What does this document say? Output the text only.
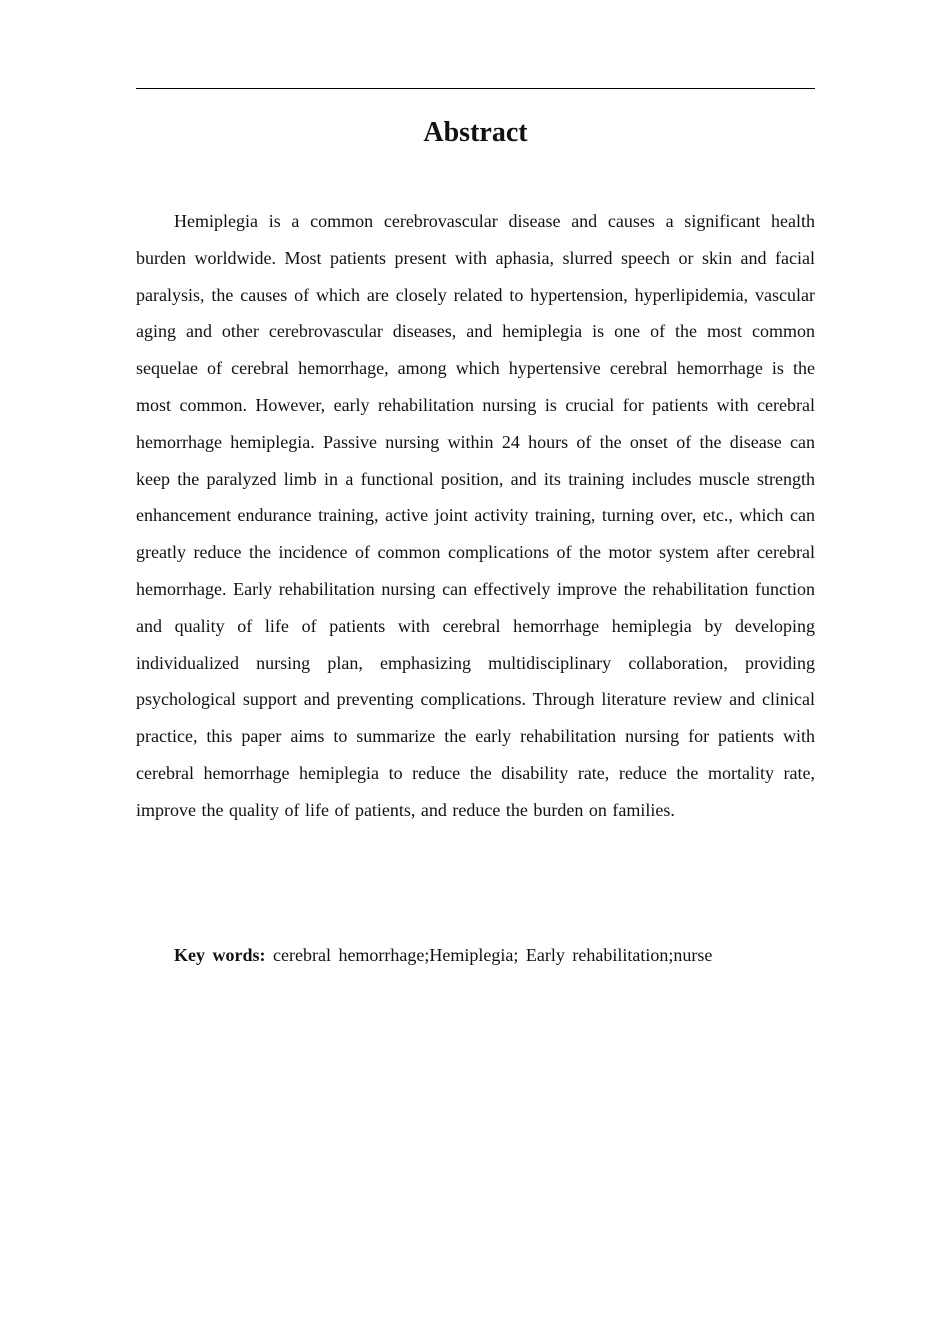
Abstract

Hemiplegia is a common cerebrovascular disease and causes a significant health burden worldwide. Most patients present with aphasia, slurred speech or skin and facial paralysis, the causes of which are closely related to hypertension, hyperlipidemia, vascular aging and other cerebrovascular diseases, and hemiplegia is one of the most common sequelae of cerebral hemorrhage, among which hypertensive cerebral hemorrhage is the most common. However, early rehabilitation nursing is crucial for patients with cerebral hemorrhage hemiplegia. Passive nursing within 24 hours of the onset of the disease can keep the paralyzed limb in a functional position, and its training includes muscle strength enhancement endurance training, active joint activity training, turning over, etc., which can greatly reduce the incidence of common complications of the motor system after cerebral hemorrhage. Early rehabilitation nursing can effectively improve the rehabilitation function and quality of life of patients with cerebral hemorrhage hemiplegia by developing individualized nursing plan, emphasizing multidisciplinary collaboration, providing psychological support and preventing complications. Through literature review and clinical practice, this paper aims to summarize the early rehabilitation nursing for patients with cerebral hemorrhage hemiplegia to reduce the disability rate, reduce the mortality rate, improve the quality of life of patients, and reduce the burden on families.

Key words: cerebral hemorrhage;Hemiplegia; Early rehabilitation;nurse
